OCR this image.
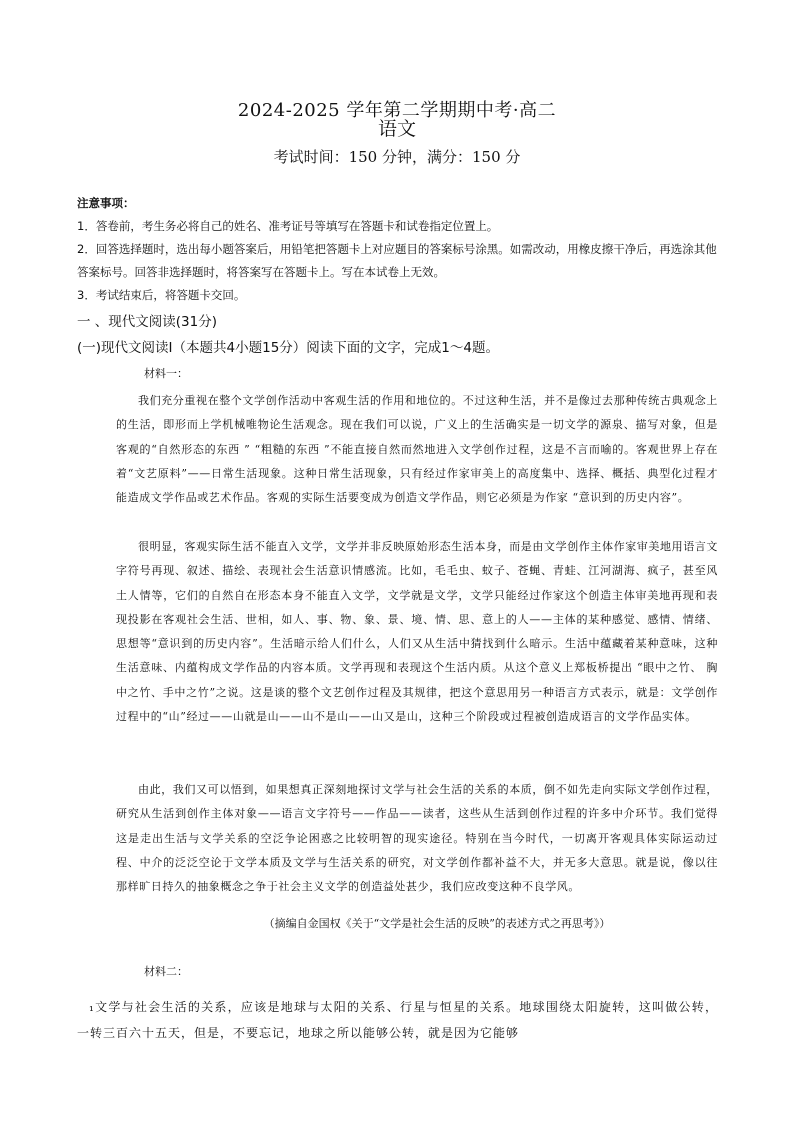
2024-2025 学年第二学期期中考·高二
语文
考试时间：150 分钟，满分：150 分
注意事项：
1．答卷前，考生务必将自己的姓名、准考证号等填写在答题卡和试卷指定位置上。
2．回答选择题时，选出每小题答案后，用铅笔把答题卡上对应题目的答案标号涂黑。如需改动，用橡皮擦干净后，再选涂其他答案标号。回答非选择题时，将答案写在答题卡上。写在本试卷上无效。
3．考试结束后，将答题卡交回。
一 、现代文阅读(31分)
(一)现代文阅读I（本题共4小题15分）阅读下面的文字，完成1～4题。
材料一：

我们充分重视在整个文学创作活动中客观生活的作用和地位的。不过这种生活，并不是像过去那种传统古典观念上的生活，即形而上学机械唯物论生活观念。现在我们可以说，广义上的生活确实是一切文学的源泉、描写对象，但是客观的“自然形态的东西 ” “粗糙的东西 ”不能直接自然而然地进入文学创作过程，这是不言而喻的。客观世界上存在着“文艺原料”——日常生活现象。这种日常生活现象，只有经过作家审美上的高度集中、选择、概括、典型化过程才能造成文学作品或艺术作品。客观的实际生活要变成为创造文学作品，则它必须是为作家 “意识到的历史内容”。

很明显，客观实际生活不能直入文学，文学并非反映原始形态生活本身，而是由文学创作主体作家审美地用语言文字符号再现、叙述、描绘、表现社会生活意识情感流。比如，毛毛虫、蚊子、苍蝇、青蛙、江河湖海、疯子，甚至风土人情等，它们的自然自在形态本身不能直入文学，文学就是文学，文学只能经过作家这个创造主体审美地再现和表现投影在客观社会生活、世相，如人、事、物、象、景、境、情、思、意上的人——主体的某种感觉、感情、情绪、思想等“意识到的历史内容”。生活暗示给人们什么，人们又从生活中猜找到什么暗示。生活中蕴藏着某种意味，这种生活意味、内蕴构成文学作品的内容本质。文学再现和表现这个生活内质。从这个意义上郑板桥提出 “眼中之竹、 胸中之竹、手中之竹”之说。这是谈的整个文艺创作过程及其规律，把这个意思用另一种语言方式表示，就是：文学创作过程中的“山”经过——山就是山——山不是山——山又是山，这种三个阶段或过程被创造成语言的文学作品实体。

由此，我们又可以悟到，如果想真正深刻地探讨文学与社会生活的关系的本质，倒不如先走向实际文学创作过程，研究从生活到创作主体对象——语言文字符号——作品——读者，这些从生活到创作过程的许多中介环节。我们觉得这是走出生活与文学关系的空泛争论困惑之比较明智的现实途径。特别在当今时代，一切离开客观具体实际运动过程、中介的泛泛空论于文学本质及文学与生活关系的研究，对文学创作都补益不大，并无多大意思。就是说，像以往那样旷日持久的抽象概念之争于社会主义文学的创造益处甚少，我们应改变这种不良学风。

（摘编自金国权《关于“文学是社会生活的反映”的表述方式之再思考》）
材料二：

₁文学与社会生活的关系，应该是地球与太阳的关系、行星与恒星的关系。地球围绕太阳旋转，这叫做公转，一转三百六十五天，但是，不要忘记，地球之所以能够公转，就是因为它能够
